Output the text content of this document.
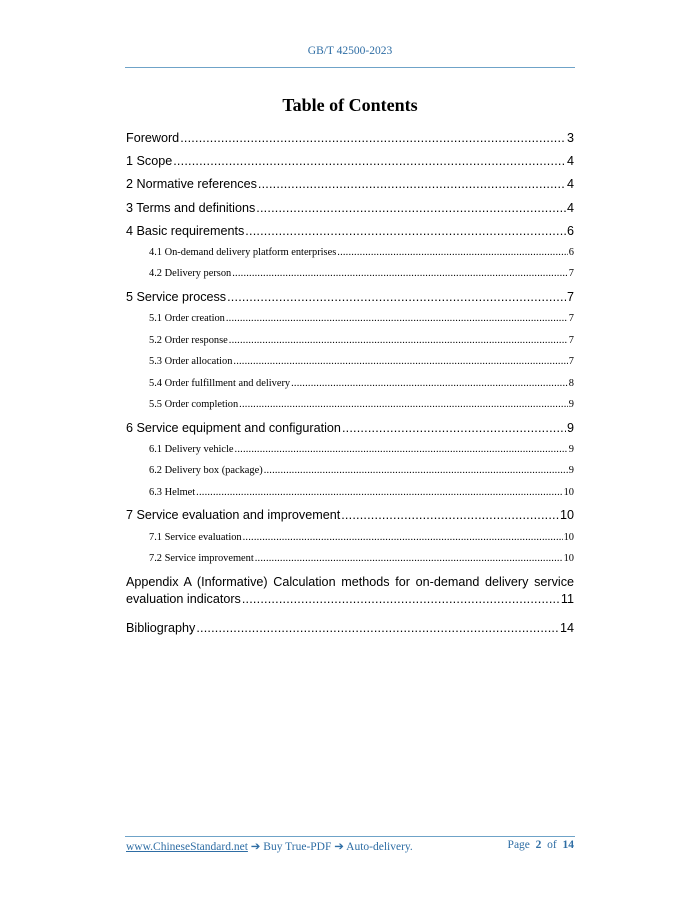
GB/T 42500-2023
Table of Contents
Foreword .....	3
1 Scope .....	4
2 Normative references .....	4
3 Terms and definitions .....	4
4 Basic requirements .....	6
4.1 On-demand delivery platform enterprises .....	6
4.2 Delivery person .....	7
5 Service process .....	7
5.1 Order creation .....	7
5.2 Order response .....	7
5.3 Order allocation .....	7
5.4 Order fulfillment and delivery .....	8
5.5 Order completion .....	9
6 Service equipment and configuration .....	9
6.1 Delivery vehicle .....	9
6.2 Delivery box (package) .....	9
6.3 Helmet .....	10
7 Service evaluation and improvement .....	10
7.1 Service evaluation .....	10
7.2 Service improvement .....	10
Appendix A (Informative) Calculation methods for on-demand delivery service
evaluation indicators .....	11
Bibliography .....	14
www.ChineseStandard.net ➔ Buy True-PDF ➔ Auto-delivery.	Page 2 of 14
